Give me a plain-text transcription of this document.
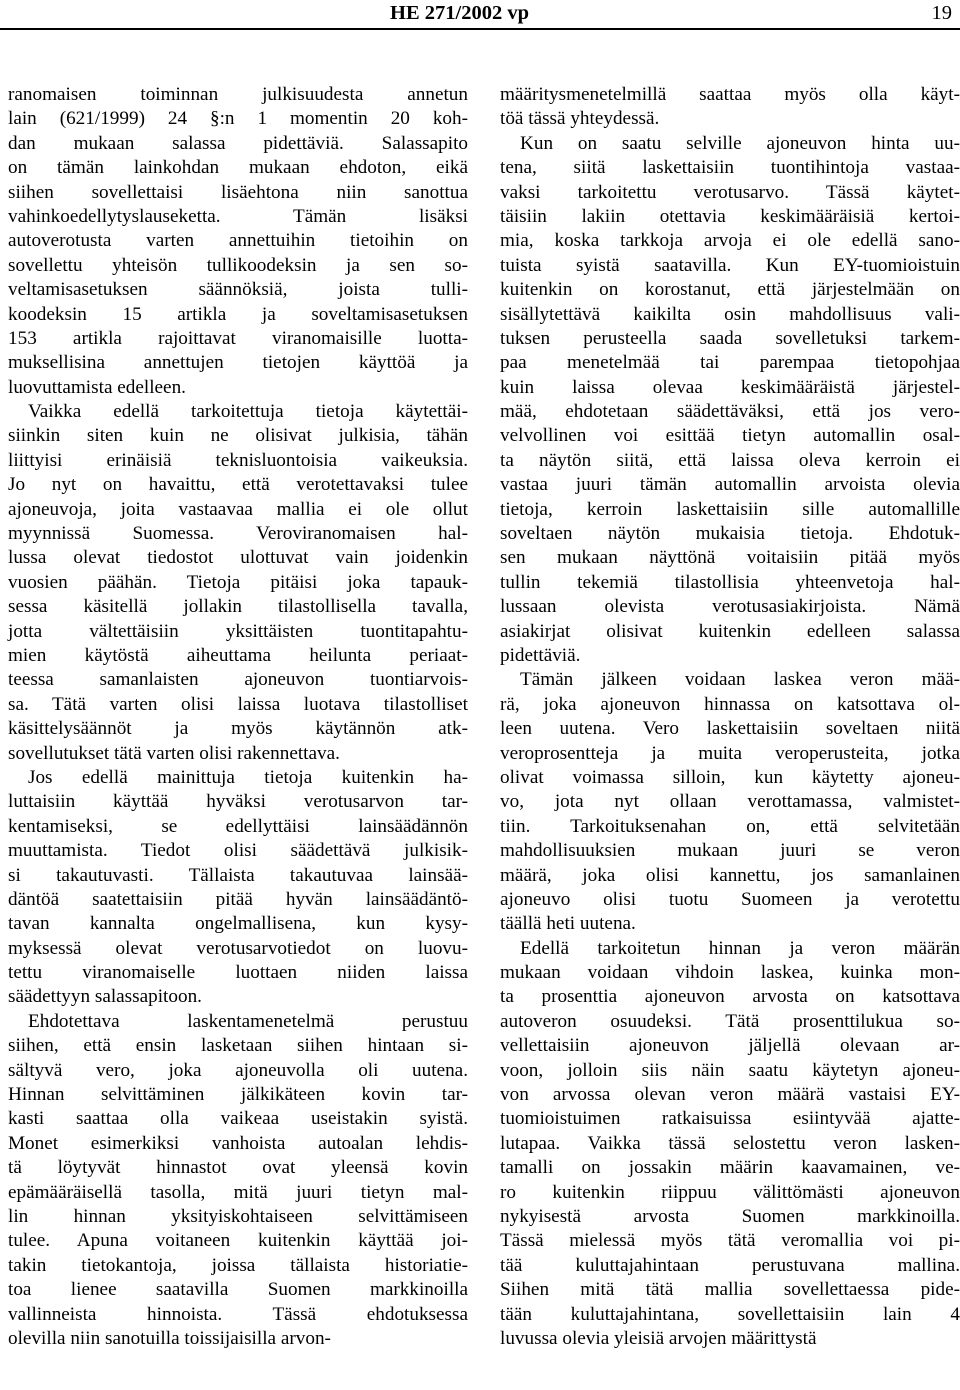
HE 271/2002 vp	19
ranomaisen toiminnan julkisuudesta annetun
lain (621/1999) 24 §:n 1 momentin 20 koh-
dan mukaan salassa pidettäviä. Salassapito
on tämän lainkohdan mukaan ehdoton, eikä
siihen sovellettaisi lisäehtona niin sanottua
vahinkoedellytyslauseketta. Tämän lisäksi
autoverotusta varten annettuihin tietoihin on
sovellettu yhteisön tullikoodeksin ja sen so-
veltamisasetuksen säännöksiä, joista tulli-
koodeksin 15 artikla ja soveltamisasetuksen
153 artikla rajoittavat viranomaisille luotta-
muksellisina annettujen tietojen käyttöä ja
luovuttamista edelleen.
Vaikka edellä tarkoitettuja tietoja käytettäi-
siinkin siten kuin ne olisivat julkisia, tähän
liittyisi erinäisiä teknisluontoisia vaikeuksia.
Jo nyt on havaittu, että verotettavaksi tulee
ajoneuvoja, joita vastaavaa mallia ei ole ollut
myynnissä Suomessa. Veroviranomaisen hal-
lussa olevat tiedostot ulottuvat vain joidenkin
vuosien päähän. Tietoja pitäisi joka tapauk-
sessa käsitellä jollakin tilastollisella tavalla,
jotta vältettäisiin yksittäisten tuontitapahtu-
mien käytöstä aiheuttama heilunta periaat-
teessa samanlaisten ajoneuvon tuontiarvois-
sa. Tätä varten olisi laissa luotava tilastolliset
käsittelysäännöt ja myös käytännön atk-
sovellutukset tätä varten olisi rakennettava.
Jos edellä mainittuja tietoja kuitenkin ha-
luttaisiin käyttää hyväksi verotusarvon tar-
kentamiseksi, se edellyttäisi lainsäädännön
muuttamista. Tiedot olisi säädettävä julkisik-
si takautuvasti. Tällaista takautuvaa lainsää-
däntöä saatettaisiin pitää hyvän lainsäädäntö-
tavan kannalta ongelmallisena, kun kysy-
myksessä olevat verotusarvotiedot on luovu-
tettu viranomaiselle luottaen niiden laissa
säädettyyn salassapitoon.
Ehdotettava laskentamenetelmä perustuu
siihen, että ensin lasketaan siihen hintaan si-
sältyvä vero, joka ajoneuvolla oli uutena.
Hinnan selvittäminen jälkikäteen kovin tar-
kasti saattaa olla vaikeaa useistakin syistä.
Monet esimerkiksi vanhoista autoalan lehdis-
tä löytyvät hinnastot ovat yleensä kovin
epämääräisellä tasolla, mitä juuri tietyn mal-
lin hinnan yksityiskohtaiseen selvittämiseen
tulee. Apuna voitaneen kuitenkin käyttää joi-
takin tietokantoja, joissa tällaista historiatie-
toa lienee saatavilla Suomen markkinoilla
vallinneista hinnoista. Tässä ehdotuksessa
olevilla niin sanotuilla toissijaisilla arvon-
määritysmenetelmillä saattaa myös olla käyt-
töä tässä yhteydessä.
Kun on saatu selville ajoneuvon hinta uu-
tena, siitä laskettaisiin tuontihintoja vastaa-
vaksi tarkoitettu verotusarvo. Tässä käytet-
täisiin lakiin otettavia keskimääräisiä kertoi-
mia, koska tarkkoja arvoja ei ole edellä sano-
tuista syistä saatavilla. Kun EY-tuomioistuin
kuitenkin on korostanut, että järjestelmään on
sisällytettävä kaikilta osin mahdollisuus vali-
tuksen perusteella saada sovelletuksi tarkem-
paa menetelmää tai parempaa tietopohjaa
kuin laissa olevaa keskimääräistä järjestel-
mää, ehdotetaan säädettäväksi, että jos vero-
velvollinen voi esittää tietyn automallin osal-
ta näytön siitä, että laissa oleva kerroin ei
vastaa juuri tämän automallin arvoista olevia
tietoja, kerroin laskettaisiin sille automallille
soveltaen näytön mukaisia tietoja. Ehdotuk-
sen mukaan näyttönä voitaisiin pitää myös
tullin tekemiä tilastollisia yhteenvetoja hal-
lussaan olevista verotusasiakirjoista. Nämä
asiakirjat olisivat kuitenkin edelleen salassa
pidettäviä.
Tämän jälkeen voidaan laskea veron mää-
rä, joka ajoneuvon hinnassa on katsottava ol-
leen uutena. Vero laskettaisiin soveltaen niitä
veroprosentteja ja muita veroperusteita, jotka
olivat voimassa silloin, kun käytetty ajoneu-
vo, jota nyt ollaan verottamassa, valmistet-
tiin. Tarkoituksenahan on, että selvitetään
mahdollisuuksien mukaan juuri se veron
määrä, joka olisi kannettu, jos samanlainen
ajoneuvo olisi tuotu Suomeen ja verotettu
täällä heti uutena.
Edellä tarkoitetun hinnan ja veron määrän
mukaan voidaan vihdoin laskea, kuinka mon-
ta prosenttia ajoneuvon arvosta on katsottava
autoveron osuudeksi. Tätä prosenttilukua so-
vellettaisiin ajoneuvon jäljellä olevaan ar-
voon, jolloin siis näin saatu käytetyn ajoneu-
von arvossa olevan veron määrä vastaisi EY-
tuomioistuimen ratkaisuissa esiintyvää ajatte-
lutapaa. Vaikka tässä selostettu veron lasken-
tamalli on jossakin määrin kaavamainen, ve-
ro kuitenkin riippuu välittömästi ajoneuvon
nykyisestä arvosta Suomen markkinoilla.
Tässä mielessä myös tätä veromallia voi pi-
tää kuluttajahintaan perustuvana mallina.
Siihen mitä tätä mallia sovellettaessa pide-
tään kuluttajahintana, sovellettaisiin lain 4
luvussa olevia yleisiä arvojen määrittystä
